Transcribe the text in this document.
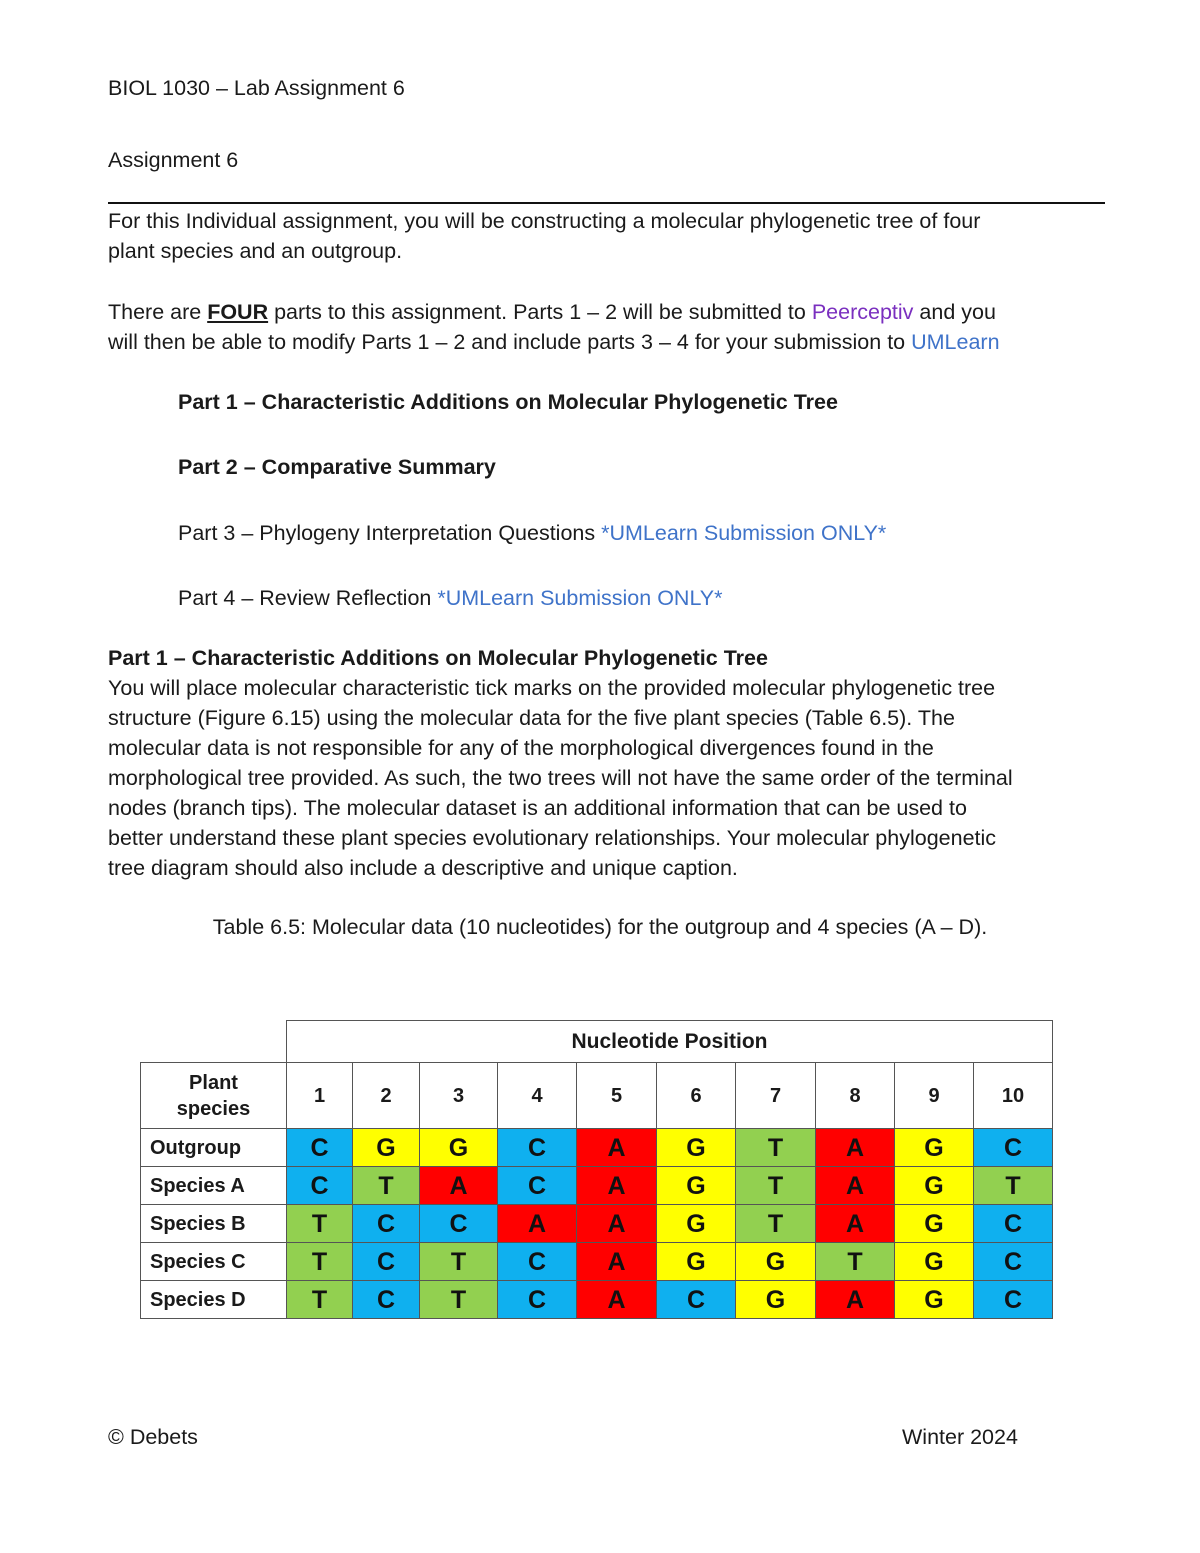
BIOL 1030 – Lab Assignment 6
Assignment 6
For this Individual assignment, you will be constructing a molecular phylogenetic tree of four
plant species and an outgroup.
There are FOUR parts to this assignment. Parts 1 – 2 will be submitted to Peerceptiv and you
will then be able to modify Parts 1 – 2 and include parts 3 – 4 for your submission to UMLearn
Part 1 – Characteristic Additions on Molecular Phylogenetic Tree
Part 2 – Comparative Summary
Part 3 – Phylogeny Interpretation Questions *UMLearn Submission ONLY*
Part 4 – Review Reflection *UMLearn Submission ONLY*
Part 1 – Characteristic Additions on Molecular Phylogenetic Tree
You will place molecular characteristic tick marks on the provided molecular phylogenetic tree
structure (Figure 6.15) using the molecular data for the five plant species (Table 6.5). The
molecular data is not responsible for any of the morphological divergences found in the
morphological tree provided. As such, the two trees will not have the same order of the terminal
nodes (branch tips). The molecular dataset is an additional information that can be used to
better understand these plant species evolutionary relationships. Your molecular phylogenetic
tree diagram should also include a descriptive and unique caption.
Table 6.5: Molecular data (10 nucleotides) for the outgroup and 4 species (A – D).
	Nucleotide Position									
Plant
species	1	2	3	4	5	6	7	8	9	10
Outgroup	C	G	G	C	A	G	T	A	G	C
Species A	C	T	A	C	A	G	T	A	G	T
Species B	T	C	C	A	A	G	T	A	G	C
Species C	T	C	T	C	A	G	G	T	G	C
Species D	T	C	T	C	A	C	G	A	G	C
© Debets	Winter 2024
